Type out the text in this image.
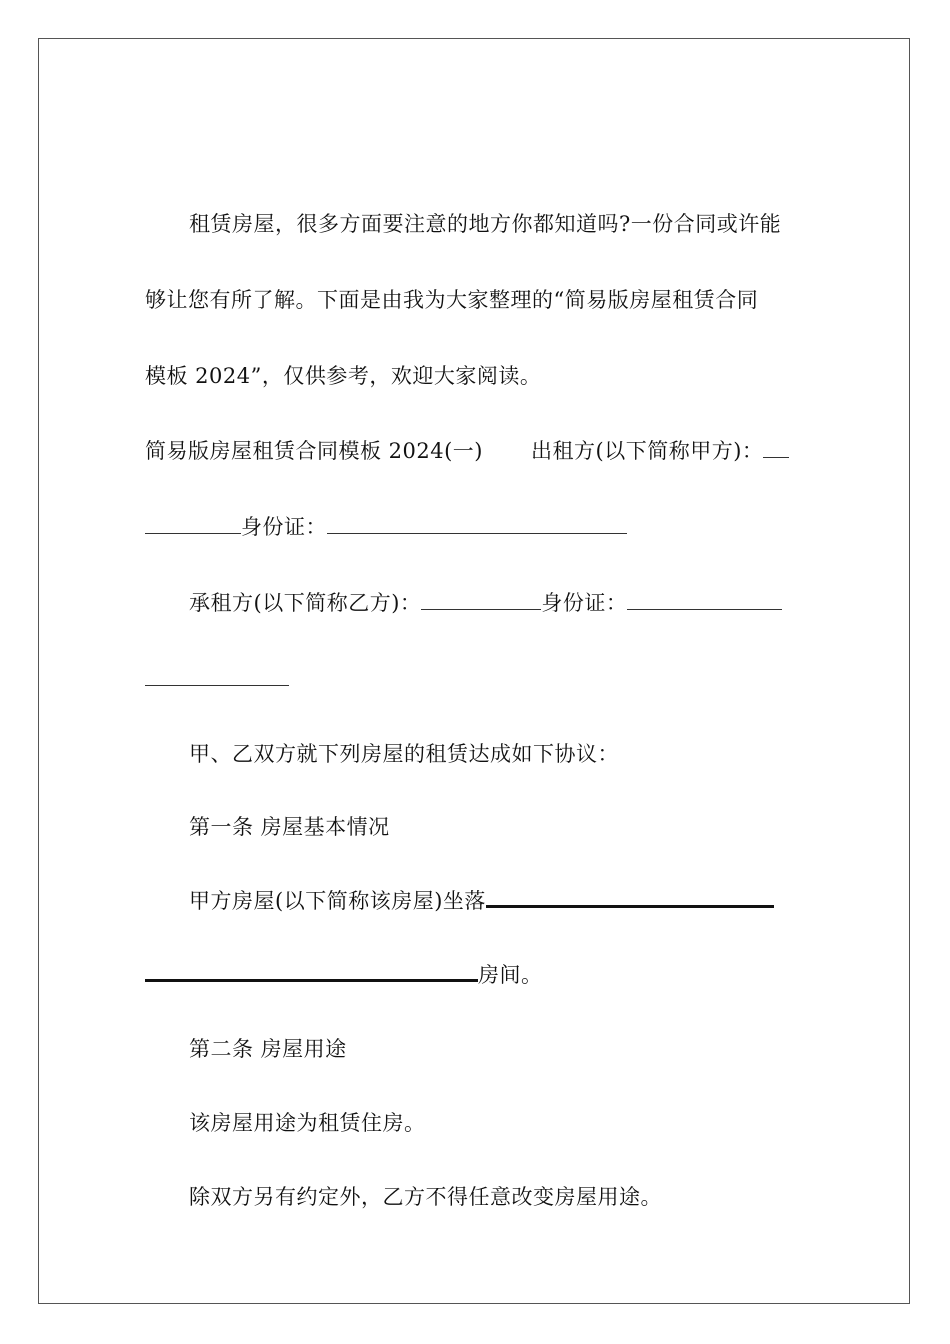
租赁房屋，很多方面要注意的地方你都知道吗?一份合同或许能
够让您有所了解。下面是由我为大家整理的“简易版房屋租赁合同
模板 2024”，仅供参考，欢迎大家阅读。
简易版房屋租赁合同模板 2024(一) 出租方(以下简称甲方)：
身份证：
承租方(以下简称乙方)：	身份证：
甲、乙双方就下列房屋的租赁达成如下协议：
第一条 房屋基本情况
甲方房屋(以下简称该房屋)坐落
房间。
第二条 房屋用途
该房屋用途为租赁住房。
除双方另有约定外，乙方不得任意改变房屋用途。
